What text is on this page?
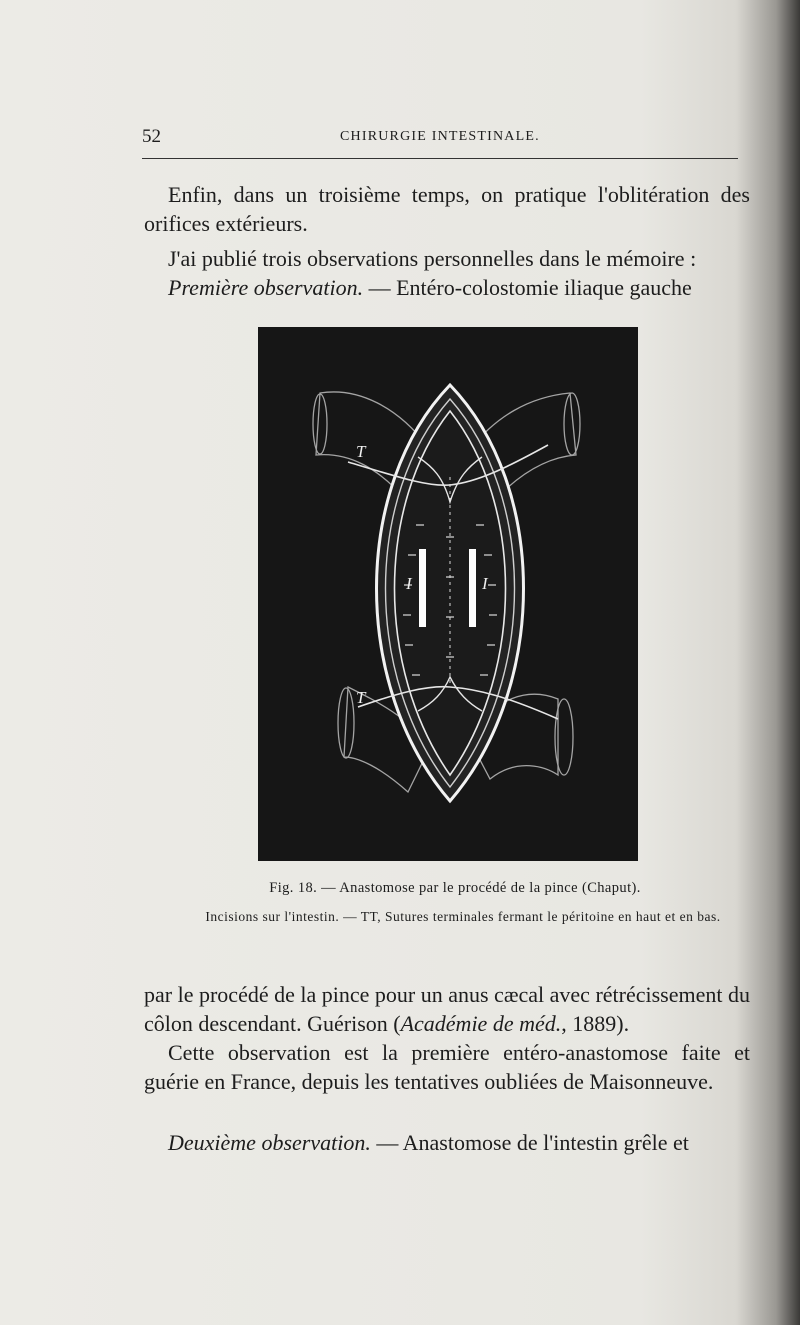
52	CHIRURGIE INTESTINALE.

Enfin, dans un troisième temps, on pratique l'oblitération des orifices extérieurs.

J'ai publié trois observations personnelles dans le mémoire :

Première observation. — Entéro-colostomie iliaque gauche

T
T
I	I
Fig. 18. — Anastomose par le procédé de la pince (Chaput).
Incisions sur l'intestin. — TT, Sutures terminales fermant le péritoine en haut et en bas.

par le procédé de la pince pour un anus cæcal avec rétrécissement du côlon descendant. Guérison (Académie de méd., 1889).

Cette observation est la première entéro-anastomose faite et guérie en France, depuis les tentatives oubliées de Maisonneuve.

Deuxième observation. — Anastomose de l'intestin grêle et
